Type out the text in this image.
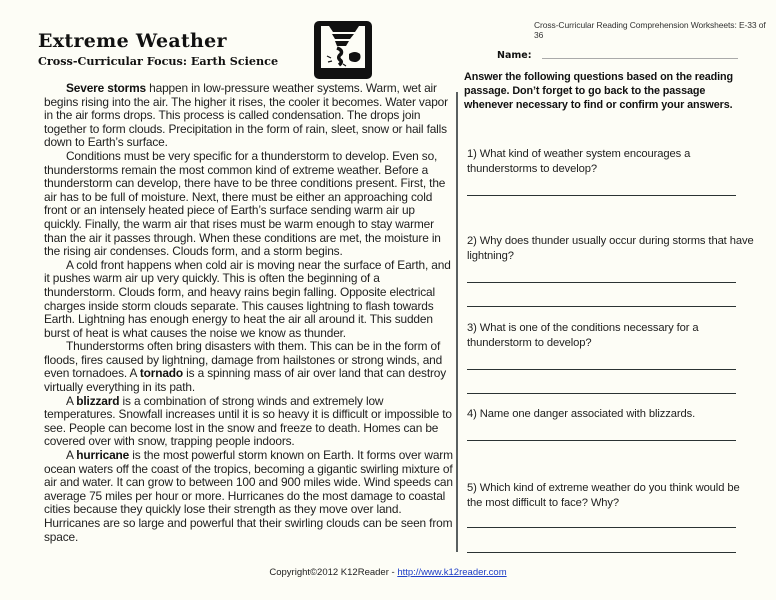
Extreme Weather
Cross-Curricular Focus: Earth Science
Cross-Curricular Reading Comprehension Worksheets: E-33 of 36
Name:

Severe storms happen in low-pressure weather systems. Warm, wet air begins rising into the air. The higher it rises, the cooler it becomes. Water vapor in the air forms drops. This process is called condensation. The drops join together to form clouds. Precipitation in the form of rain, sleet, snow or hail falls down to Earth’s surface.

Conditions must be very specific for a thunderstorm to develop. Even so, thunderstorms remain the most common kind of extreme weather. Before a thunderstorm can develop, there have to be three conditions present. First, the air has to be full of moisture. Next, there must be either an approaching cold front or an intensely heated piece of Earth’s surface sending warm air up quickly. Finally, the warm air that rises must be warm enough to stay warmer than the air it passes through. When these conditions are met, the moisture in the rising air condenses. Clouds form, and a storm begins.

A cold front happens when cold air is moving near the surface of Earth, and it pushes warm air up very quickly. This is often the beginning of a thunderstorm. Clouds form, and heavy rains begin falling. Opposite electrical charges inside storm clouds separate. This causes lightning to flash towards Earth. Lightning has enough energy to heat the air all around it. This sudden burst of heat is what causes the noise we know as thunder.

Thunderstorms often bring disasters with them. This can be in the form of floods, fires caused by lightning, damage from hailstones or strong winds, and even tornadoes. A tornado is a spinning mass of air over land that can destroy virtually everything in its path.

A blizzard is a combination of strong winds and extremely low temperatures. Snowfall increases until it is so heavy it is difficult or impossible to see. People can become lost in the snow and freeze to death. Homes can be covered over with snow, trapping people indoors.

A hurricane is the most powerful storm known on Earth. It forms over warm ocean waters off the coast of the tropics, becoming a gigantic swirling mixture of air and water. It can grow to between 100 and 900 miles wide. Wind speeds can average 75 miles per hour or more. Hurricanes do the most damage to coastal cities because they quickly lose their strength as they move over land. Hurricanes are so large and powerful that their swirling clouds can be seen from space.

Answer the following questions based on the reading passage. Don’t forget to go back to the passage whenever necessary to find or confirm your answers.
1) What kind of weather system encourages a thunderstorms to develop?
2) Why does thunder usually occur during storms that have lightning?
3) What is one of the conditions necessary for a thunderstorm to develop?
4) Name one danger associated with blizzards.
5) Which kind of extreme weather do you think would be the most difficult to face? Why?
Copyright©2012 K12Reader - http://www.k12reader.com
